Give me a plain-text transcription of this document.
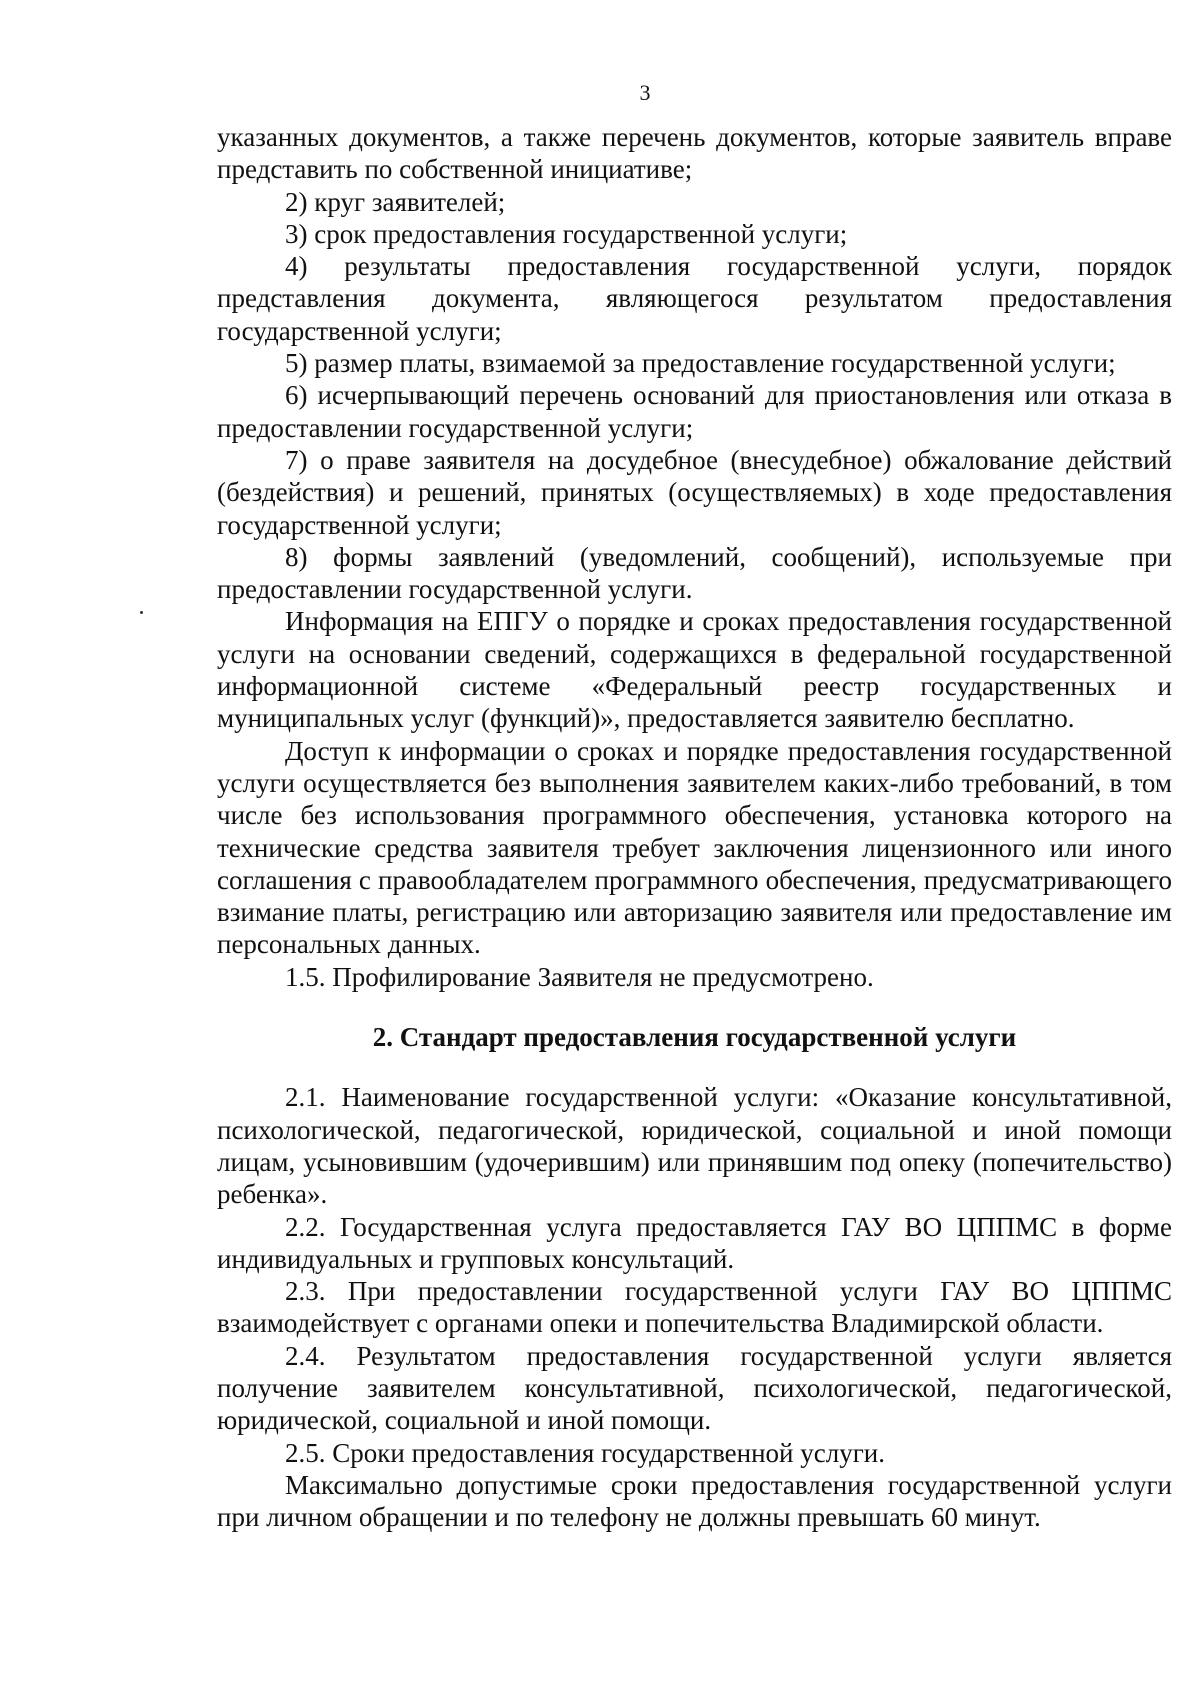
3

указанных документов, а также перечень документов, которые заявитель вправе представить по собственной инициативе;

2) круг заявителей;

3) срок предоставления государственной услуги;

4) результаты предоставления государственной услуги, порядок представления документа, являющегося результатом предоставления государственной услуги;

5) размер платы, взимаемой за предоставление государственной услуги;

6) исчерпывающий перечень оснований для приостановления или отказа в предоставлении государственной услуги;

7) о праве заявителя на досудебное (внесудебное) обжалование действий (бездействия) и решений, принятых (осуществляемых) в ходе предоставления государственной услуги;

8) формы заявлений (уведомлений, сообщений), используемые при предоставлении государственной услуги.

Информация на ЕПГУ о порядке и сроках предоставления государственной услуги на основании сведений, содержащихся в федеральной государственной информационной системе «Федеральный реестр государственных и муниципальных услуг (функций)», предоставляется заявителю бесплатно.

Доступ к информации о сроках и порядке предоставления государственной услуги осуществляется без выполнения заявителем каких-либо требований, в том числе без использования программного обеспечения, установка которого на технические средства заявителя требует заключения лицензионного или иного соглашения с правообладателем программного обеспечения, предусматривающего взимание платы, регистрацию или авторизацию заявителя или предоставление им персональных данных.

1.5. Профилирование Заявителя не предусмотрено.

2. Стандарт предоставления государственной услуги

2.1. Наименование государственной услуги: «Оказание консультативной, психологической, педагогической, юридической, социальной и иной помощи лицам, усыновившим (удочерившим) или принявшим под опеку (попечительство) ребенка».

2.2. Государственная услуга предоставляется ГАУ ВО ЦППМС в форме индивидуальных и групповых консультаций.

2.3. При предоставлении государственной услуги ГАУ ВО ЦППМС взаимодействует с органами опеки и попечительства Владимирской области.

2.4. Результатом предоставления государственной услуги является получение заявителем консультативной, психологической, педагогической, юридической, социальной и иной помощи.

2.5. Сроки предоставления государственной услуги.

Максимально допустимые сроки предоставления государственной услуги при личном обращении и по телефону не должны превышать 60 минут.
